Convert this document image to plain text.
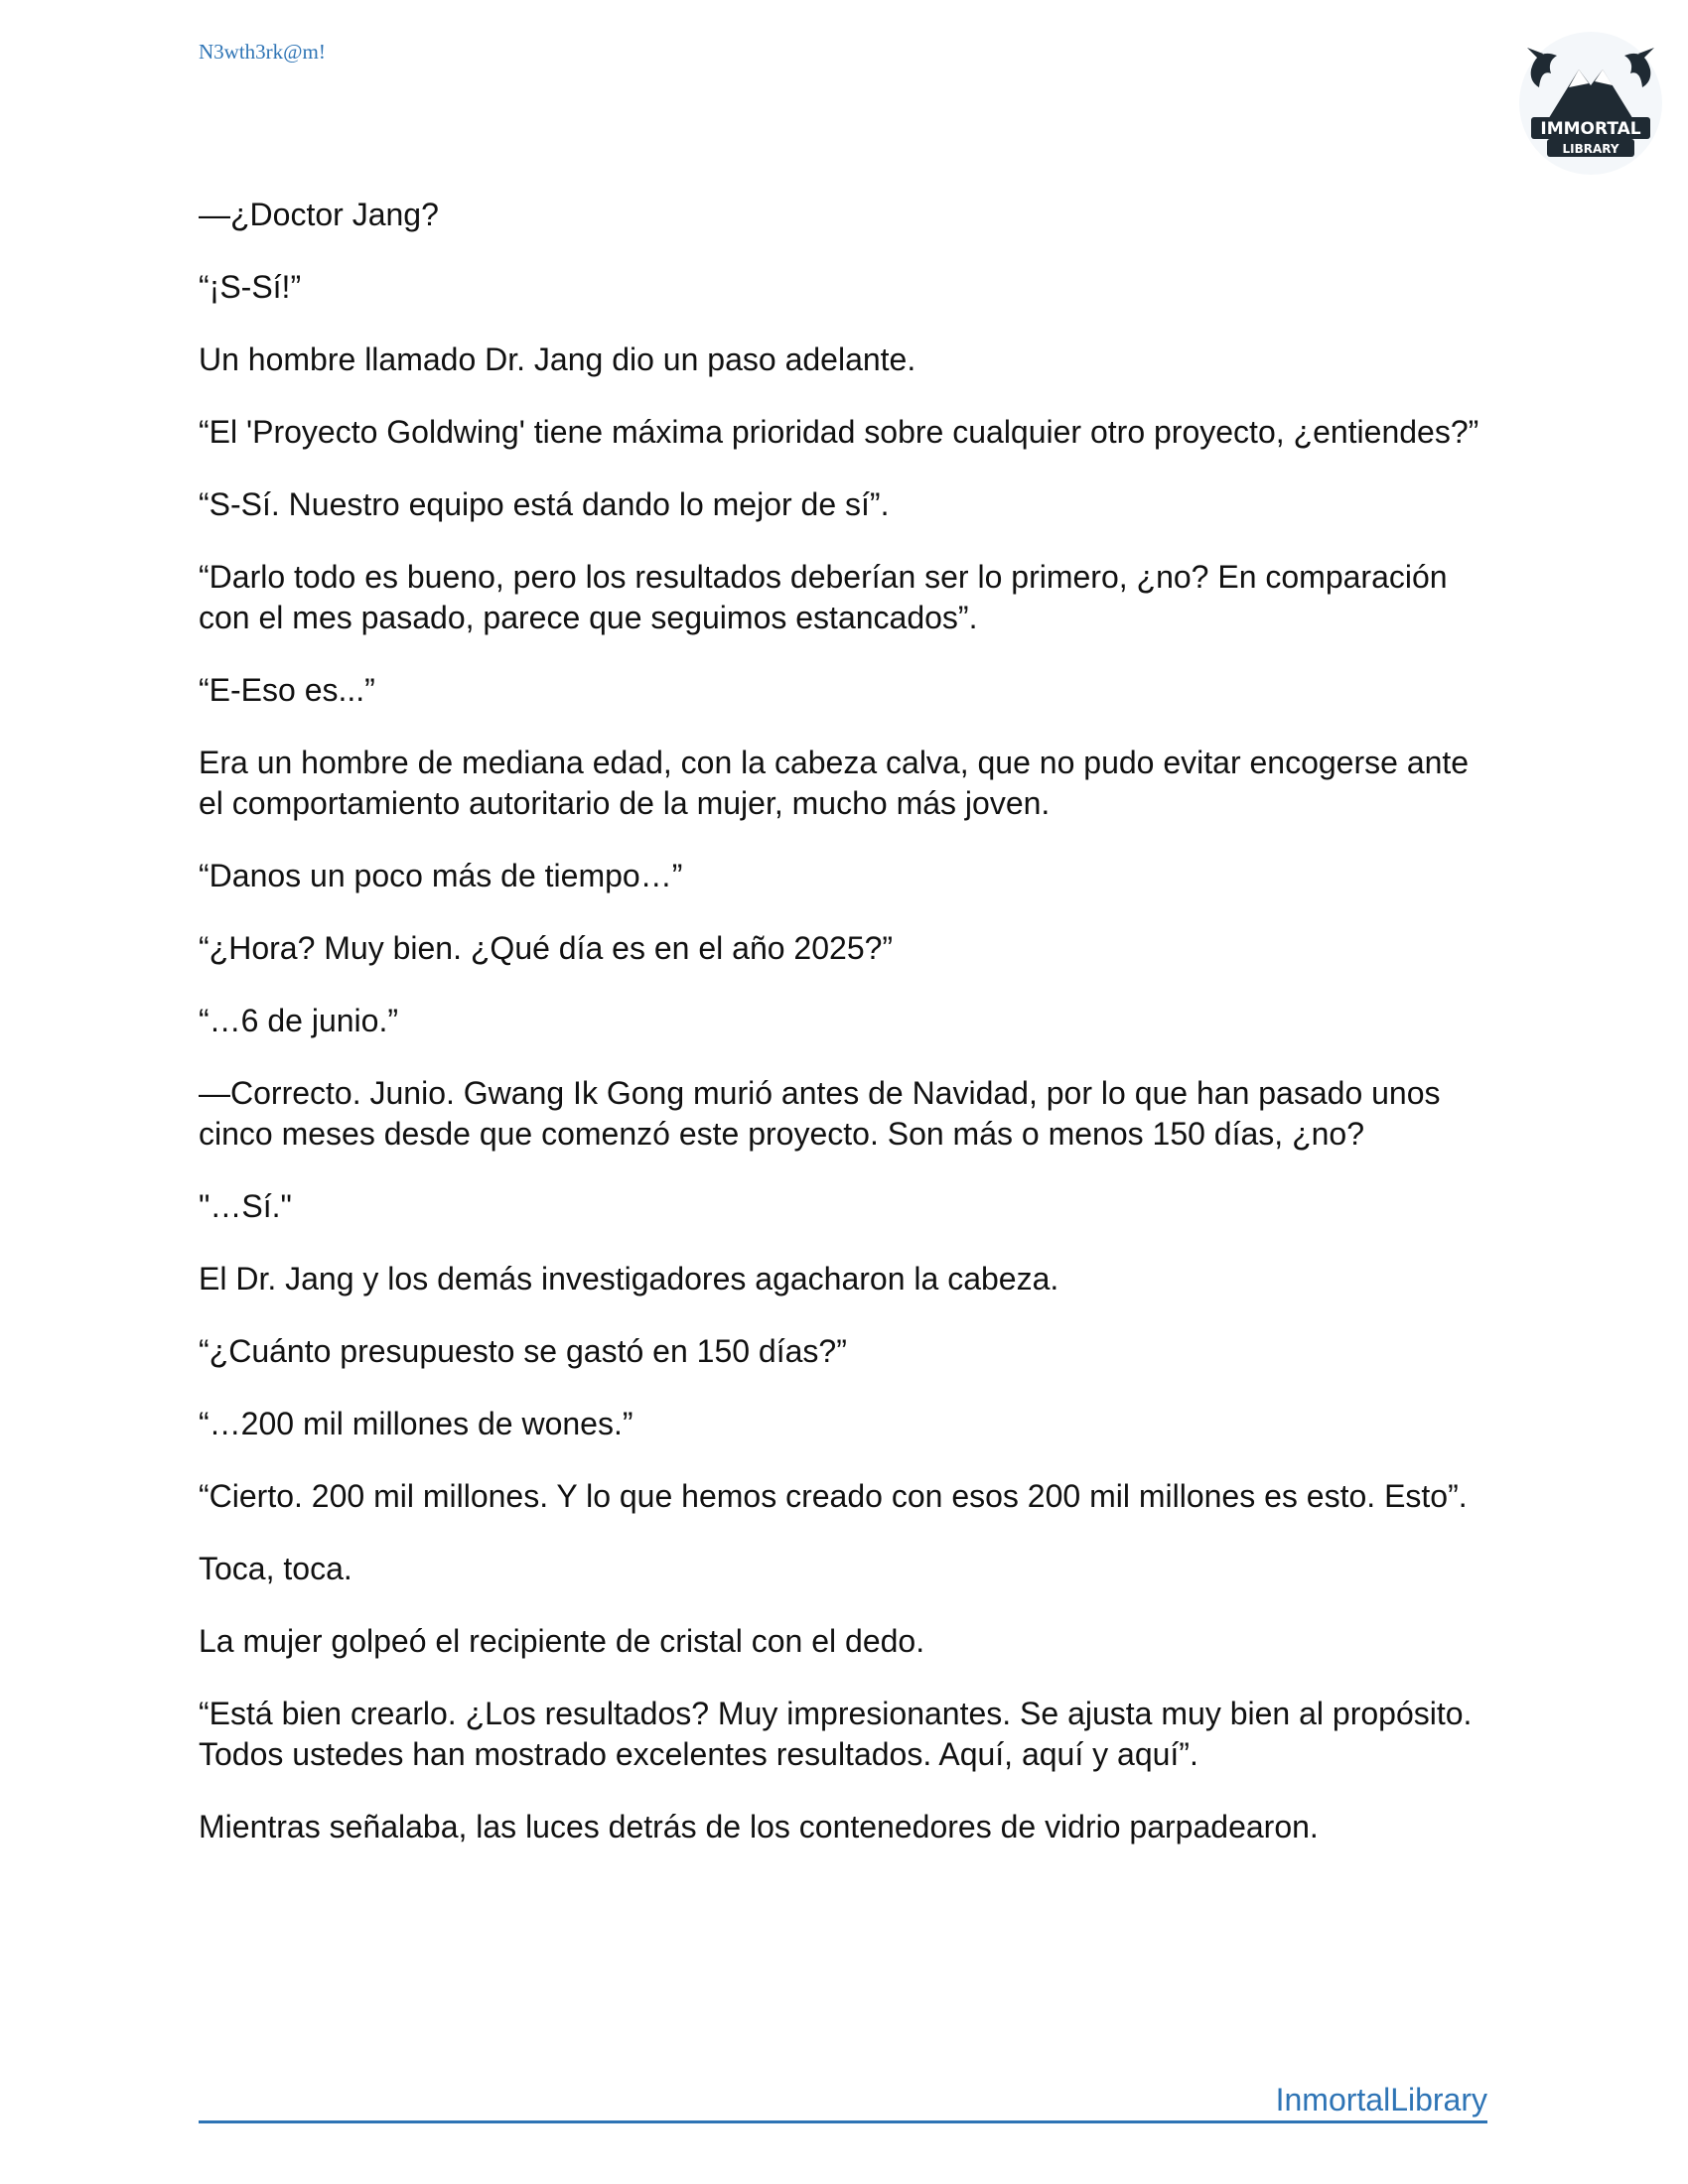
N3wth3rk@m!
IMMORTAL
LIBRARY

—¿Doctor Jang?

“¡S-Sí!”

Un hombre llamado Dr. Jang dio un paso adelante.

“El 'Proyecto Goldwing' tiene máxima prioridad sobre cualquier otro proyecto, ¿entiendes?”

“S-Sí. Nuestro equipo está dando lo mejor de sí”.

“Darlo todo es bueno, pero los resultados deberían ser lo primero, ¿no? En comparación con el mes pasado, parece que seguimos estancados”.

“E-Eso es...”

Era un hombre de mediana edad, con la cabeza calva, que no pudo evitar encogerse ante el comportamiento autoritario de la mujer, mucho más joven.

“Danos un poco más de tiempo…”

“¿Hora? Muy bien. ¿Qué día es en el año 2025?”

“…6 de junio.”

—Correcto. Junio. Gwang Ik Gong murió antes de Navidad, por lo que han pasado unos cinco meses desde que comenzó este proyecto. Son más o menos 150 días, ¿no?

"…Sí."

El Dr. Jang y los demás investigadores agacharon la cabeza.

“¿Cuánto presupuesto se gastó en 150 días?”

“…200 mil millones de wones.”

“Cierto. 200 mil millones. Y lo que hemos creado con esos 200 mil millones es esto. Esto”.

Toca, toca.

La mujer golpeó el recipiente de cristal con el dedo.

“Está bien crearlo. ¿Los resultados? Muy impresionantes. Se ajusta muy bien al propósito. Todos ustedes han mostrado excelentes resultados. Aquí, aquí y aquí”.

Mientras señalaba, las luces detrás de los contenedores de vidrio parpadearon.

InmortalLibrary
